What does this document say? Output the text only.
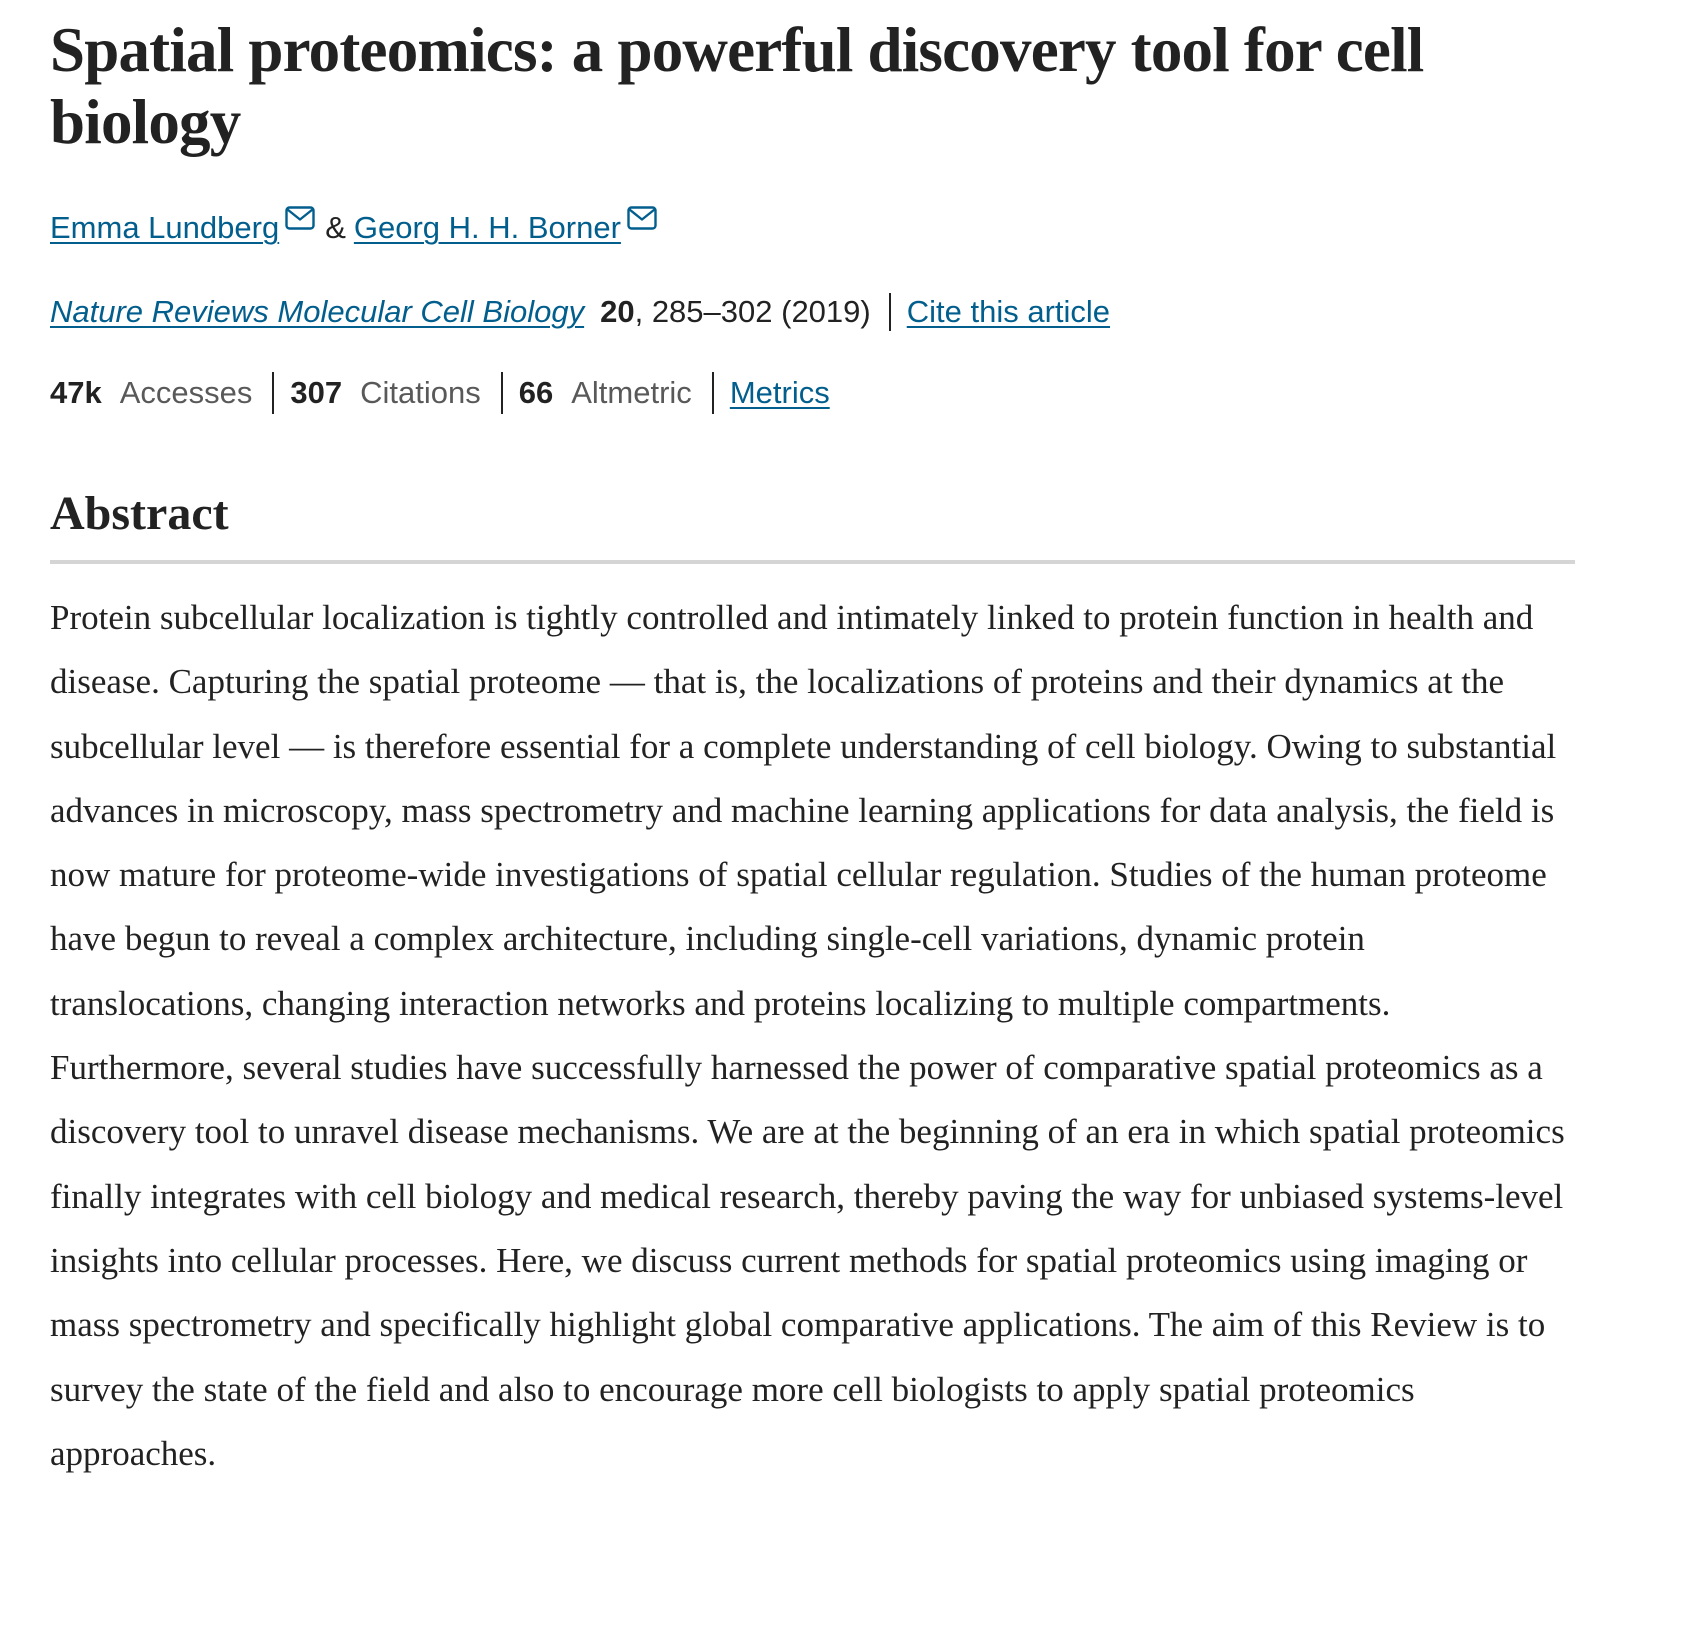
Spatial proteomics: a powerful discovery tool for cell biology
Emma Lundberg & Georg H. H. Borner
Nature Reviews Molecular Cell Biology 20 , 285–302 (2019) Cite this article
47k Accesses 307 Citations 66 Altmetric Metrics
Abstract

Protein subcellular localization is tightly controlled and intimately linked to protein function in health and disease. Capturing the spatial proteome — that is, the localizations of proteins and their dynamics at the subcellular level — is therefore essential for a complete understanding of cell biology. Owing to substantial advances in microscopy, mass spectrometry and machine learning applications for data analysis, the field is now mature for proteome-wide investigations of spatial cellular regulation. Studies of the human proteome have begun to reveal a complex architecture, including single-cell variations, dynamic protein translocations, changing interaction networks and proteins localizing to multiple compartments. Furthermore, several studies have successfully harnessed the power of comparative spatial proteomics as a discovery tool to unravel disease mechanisms. We are at the beginning of an era in which spatial proteomics finally integrates with cell biology and medical research, thereby paving the way for unbiased systems-level insights into cellular processes. Here, we discuss current methods for spatial proteomics using imaging or mass spectrometry and specifically highlight global comparative applications. The aim of this Review is to survey the state of the field and also to encourage more cell biologists to apply spatial proteomics approaches.
